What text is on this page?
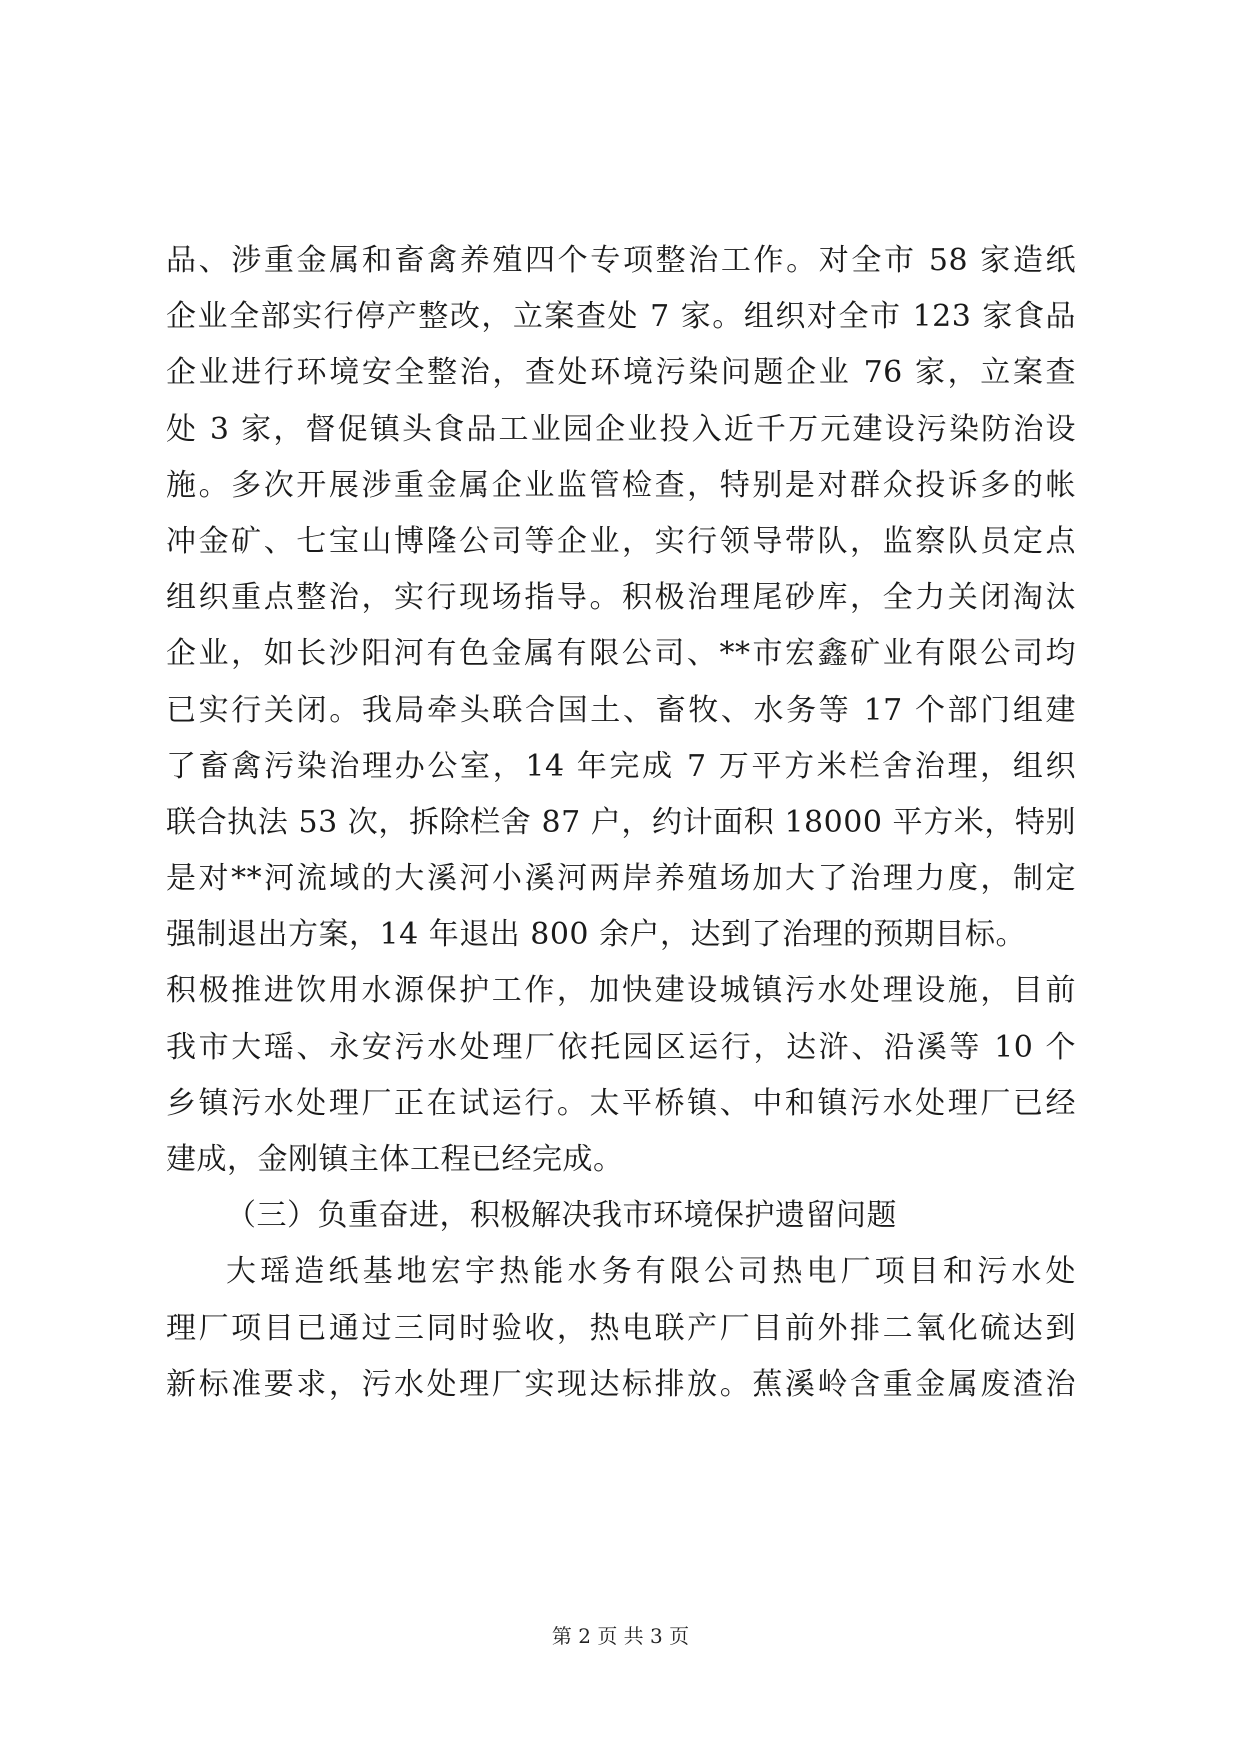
品、涉重金属和畜禽养殖四个专项整治工作。对全市 58 家造纸
企业全部实行停产整改，立案查处 7 家。组织对全市 123 家食品
企业进行环境安全整治，查处环境污染问题企业 76 家，立案查
处 3 家，督促镇头食品工业园企业投入近千万元建设污染防治设
施。多次开展涉重金属企业监管检查，特别是对群众投诉多的帐
冲金矿、七宝山博隆公司等企业，实行领导带队，监察队员定点
组织重点整治，实行现场指导。积极治理尾砂库，全力关闭淘汰
企业，如长沙阳河有色金属有限公司、**市宏鑫矿业有限公司均
已实行关闭。我局牵头联合国土、畜牧、水务等 17 个部门组建
了畜禽污染治理办公室，14 年完成 7 万平方米栏舍治理，组织
联合执法 53 次，拆除栏舍 87 户，约计面积 18000 平方米，特别
是对**河流域的大溪河小溪河两岸养殖场加大了治理力度，制定
强制退出方案，14 年退出 800 余户，达到了治理的预期目标。
积极推进饮用水源保护工作，加快建设城镇污水处理设施，目前
我市大瑶、永安污水处理厂依托园区运行，达浒、沿溪等 10 个
乡镇污水处理厂正在试运行。太平桥镇、中和镇污水处理厂已经
建成，金刚镇主体工程已经完成。
（三）负重奋进，积极解决我市环境保护遗留问题
大瑶造纸基地宏宇热能水务有限公司热电厂项目和污水处
理厂项目已通过三同时验收，热电联产厂目前外排二氧化硫达到
新标准要求，污水处理厂实现达标排放。蕉溪岭含重金属废渣治
第 2 页 共 3 页
